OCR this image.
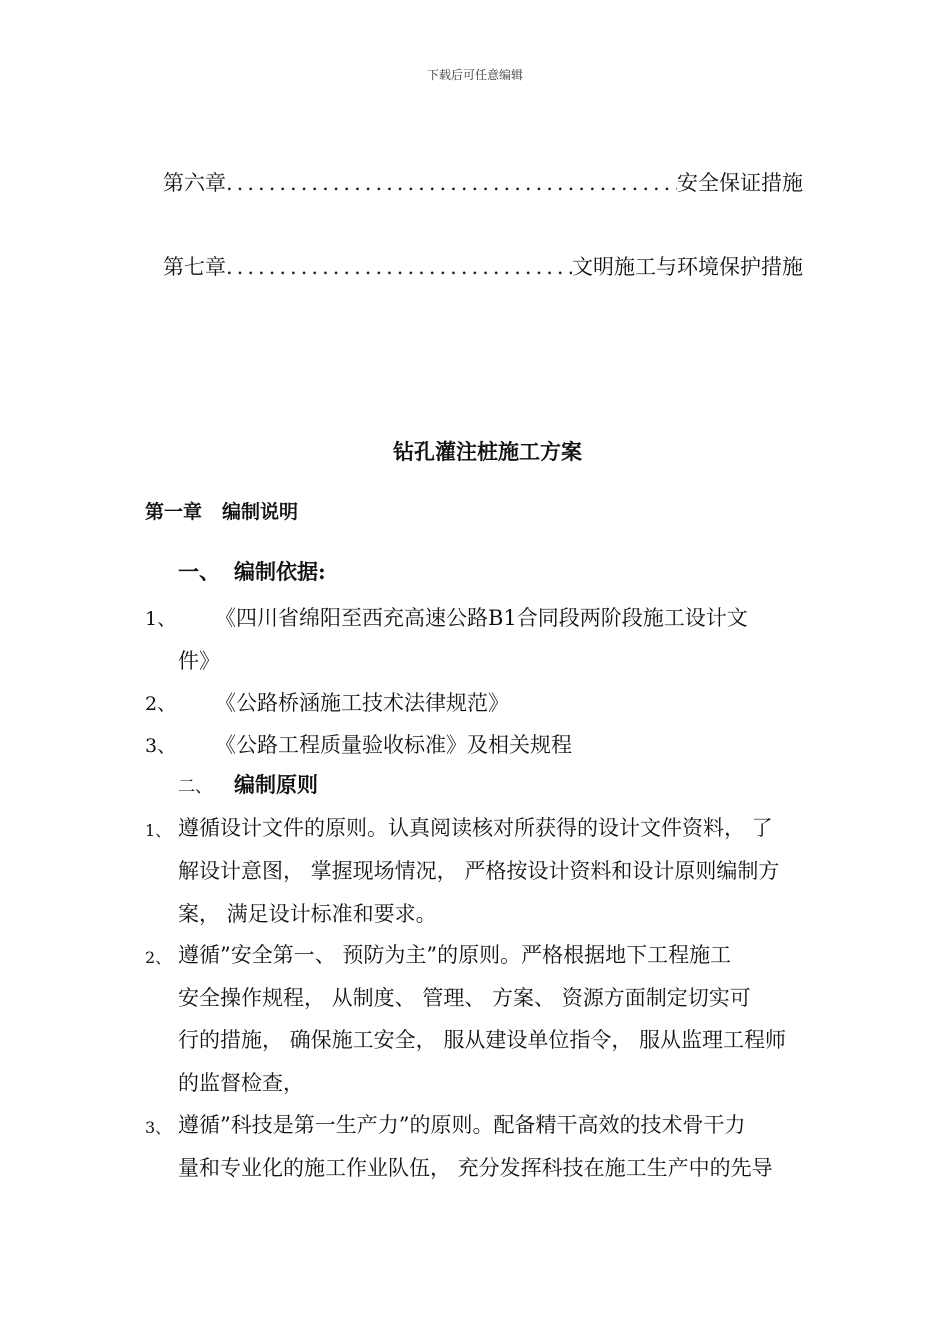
下载后可任意编辑
第六章 .....	安全保证措施
第七章 .....	文明施工与环境保护措施
钻孔灌注桩施工方案
第一章 编制说明
一、 编制依据:
1、 《四川省绵阳至西充高速公路B1合同段两阶段施工设计文
件》
2、 《公路桥涵施工技术法律规范》
3、 《公路工程质量验收标准》及相关规程
二、 编制原则
1、 遵循设计文件的原则。认真阅读核对所获得的设计文件资料， 了
解设计意图， 掌握现场情况， 严格按设计资料和设计原则编制方
案， 满足设计标准和要求。
2、 遵循”安全第一、 预防为主”的原则。严格根据地下工程施工
安全操作规程， 从制度、 管理、 方案、 资源方面制定切实可
行的措施， 确保施工安全， 服从建设单位指令， 服从监理工程师
的监督检查，
3、 遵循”科技是第一生产力”的原则。配备精干高效的技术骨干力
量和专业化的施工作业队伍， 充分发挥科技在施工生产中的先导
